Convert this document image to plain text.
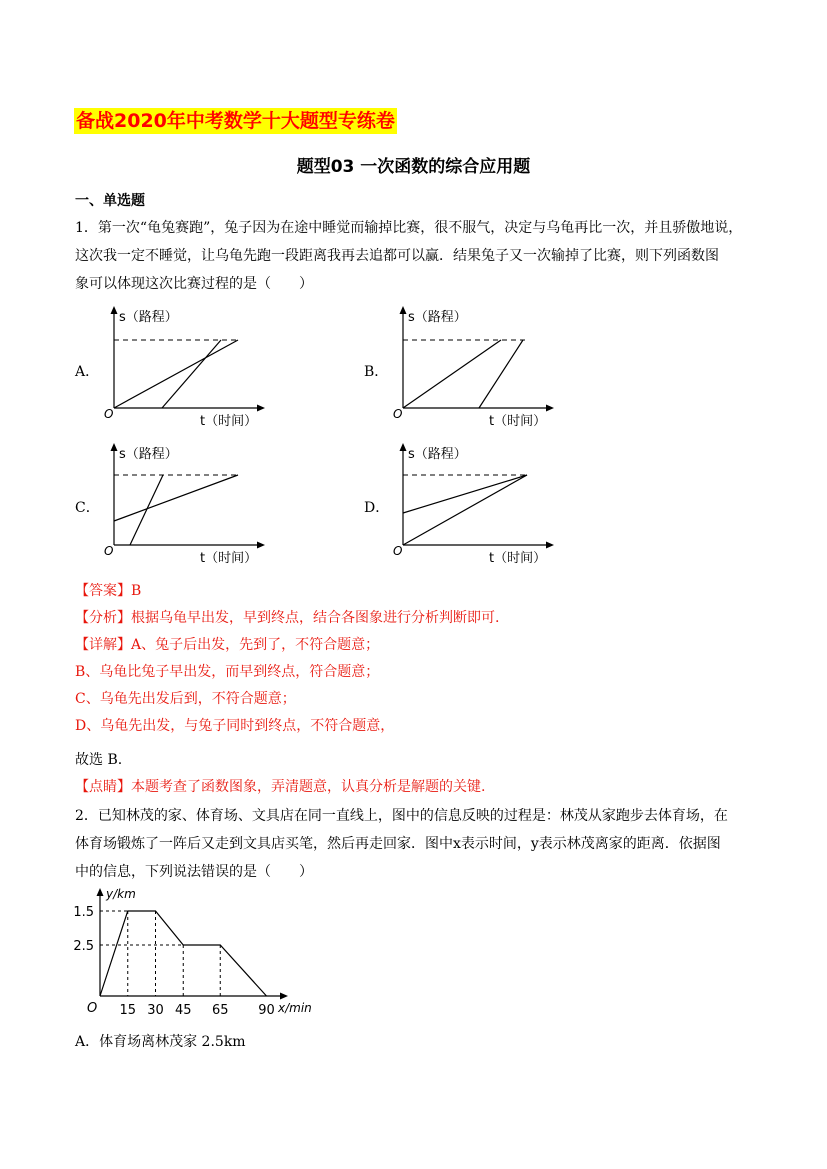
备战2020年中考数学十大题型专练卷
题型03 一次函数的综合应用题
一、单选题
1．第一次“龟兔赛跑”，兔子因为在途中睡觉而输掉比赛，很不服气，决定与乌龟再比一次，并且骄傲地说，
这次我一定不睡觉，让乌龟先跑一段距离我再去追都可以赢．结果兔子又一次输掉了比赛，则下列函数图
象可以体现这次比赛过程的是（　　）
A．	B．
C．	D．
s（路程）
t（时间）
O
s（路程）
t（时间）
O
s（路程）
t（时间）
O
s（路程）
t（时间）
O
【答案】B
【分析】根据乌龟早出发，早到终点，结合各图象进行分析判断即可.
【详解】A、兔子后出发，先到了，不符合题意；
B、乌龟比兔子早出发，而早到终点，符合题意；
C、乌龟先出发后到，不符合题意；
D、乌龟先出发，与兔子同时到终点，不符合题意，
故选 B.
【点睛】本题考查了函数图象，弄清题意，认真分析是解题的关键.
2．已知林茂的家、体育场、文具店在同一直线上，图中的信息反映的过程是：林茂从家跑步去体育场，在
体育场锻炼了一阵后又走到文具店买笔，然后再走回家．图中x表示时间，y表示林茂离家的距离．依据图
中的信息，下列说法错误的是（　　）
15 30 45 65 90
2.5
1.5
y/km
x/min
O
A．体育场离林茂家 2.5km
